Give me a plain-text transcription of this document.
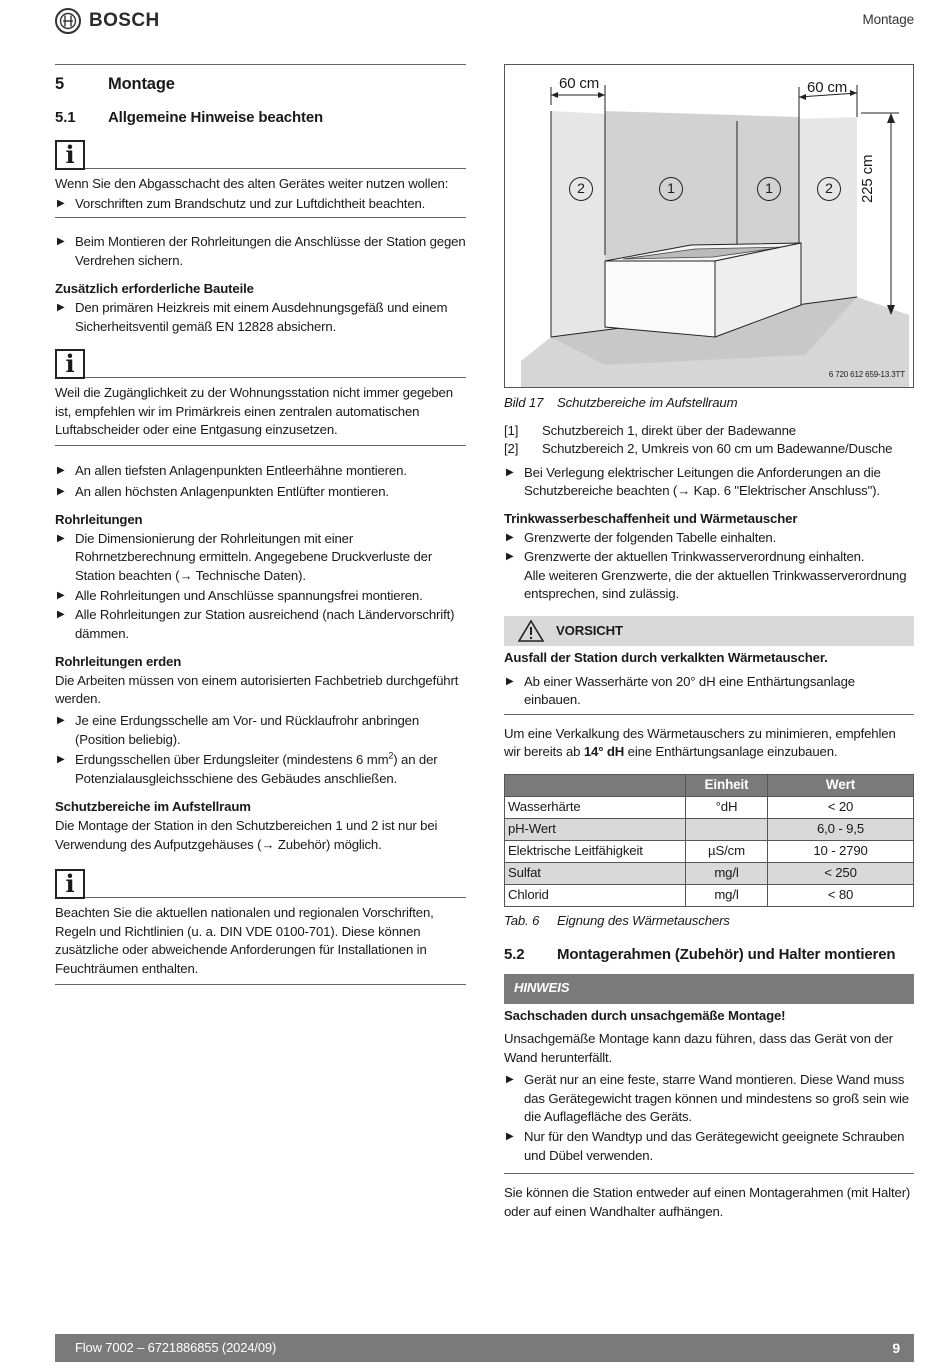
BOSCH	Montage
5	Montage
5.1	Allgemeine Hinweise beachten
i

Wenn Sie den Abgasschacht des alten Gerätes weiter nutzen wollen:

▶ Vorschriften zum Brandschutz und zur Luftdichtheit beachten.
▶ Beim Montieren der Rohrleitungen die Anschlüsse der Station gegen Verdrehen sichern.
Zusätzlich erforderliche Bauteile
▶ Den primären Heizkreis mit einem Ausdehnungsgefäß und einem Sicherheitsventil gemäß EN 12828 absichern.
i

Weil die Zugänglichkeit zu der Wohnungsstation nicht immer gegeben ist, empfehlen wir im Primärkreis einen zentralen automatischen Luftabscheider oder eine Entgasung einzusetzen.

▶ An allen tiefsten Anlagenpunkten Entleerhähne montieren.
▶ An allen höchsten Anlagenpunkten Entlüfter montieren.
Rohrleitungen
▶ Die Dimensionierung der Rohrleitungen mit einer Rohrnetzberechnung ermitteln. Angegebene Druckverluste der Station beachten (→ Technische Daten).
▶ Alle Rohrleitungen und Anschlüsse spannungsfrei montieren.
▶ Alle Rohrleitungen zur Station ausreichend (nach Ländervorschrift) dämmen.
Rohrleitungen erden

Die Arbeiten müssen von einem autorisierten Fachbetrieb durchgeführt werden.

▶ Je eine Erdungsschelle am Vor- und Rücklaufrohr anbringen (Position beliebig).
▶ Erdungsschellen über Erdungsleiter (mindestens 6 $mm^2$) an der Potenzialausgleichsschiene des Gebäudes anschließen.
Schutzbereiche im Aufstellraum

Die Montage der Station in den Schutzbereichen 1 und 2 ist nur bei Verwendung des Aufputzgehäuses (→ Zubehör) möglich.

i

Beachten Sie die aktuellen nationalen und regionalen Vorschriften, Regeln und Richtlinien (u. a. DIN VDE 0100-701). Diese können zusätzliche oder abweichende Anforderungen für Installationen in Feuchträumen enthalten.

60 cm	60 cm
225 cm
2	1	1	2
6 720 612 659-13.3TT
Bild 17	Schutzbereiche im Aufstellraum
[1]	Schutzbereich 1, direkt über der Badewanne
[2]	Schutzbereich 2, Umkreis von 60 cm um Badewanne/Dusche
▶ Bei Verlegung elektrischer Leitungen die Anforderungen an die Schutzbereiche beachten (→ Kap. 6 "Elektrischer Anschluss").
Trinkwasserbeschaffenheit und Wärmetauscher
▶ Grenzwerte der folgenden Tabelle einhalten.
▶ Grenzwerte der aktuellen Trinkwasserverordnung einhalten.

Alle weiteren Grenzwerte, die der aktuellen Trinkwasserverordnung entsprechen, sind zulässig.

VORSICHT
Ausfall der Station durch verkalkten Wärmetauscher.
▶ Ab einer Wasserhärte von 20° dH eine Enthärtungsanlage einbauen.

Um eine Verkalkung des Wärmetauschers zu minimieren, empfehlen wir bereits ab 14° dH eine Enthärtungsanlage einzubauen.

	Einheit	Wert
Wasserhärte	°dH	< 20
pH-Wert		6,0 - 9,5
Elektrische Leitfähigkeit	µS/cm	10 - 2790
Sulfat	mg/l	< 250
Chlorid	mg/l	< 80
Tab. 6	Eignung des Wärmetauschers
5.2	Montagerahmen (Zubehör) und Halter montieren
HINWEIS
Sachschaden durch unsachgemäße Montage!

Unsachgemäße Montage kann dazu führen, dass das Gerät von der Wand herunterfällt.

▶ Gerät nur an eine feste, starre Wand montieren. Diese Wand muss das Gerätegewicht tragen können und mindestens so groß sein wie die Auflagefläche des Geräts.
▶ Nur für den Wandtyp und das Gerätegewicht geeignete Schrauben und Dübel verwenden.

Sie können die Station entweder auf einen Montagerahmen (mit Halter) oder auf einen Wandhalter aufhängen.

Flow 7002 – 6721886855 (2024/09)	9
